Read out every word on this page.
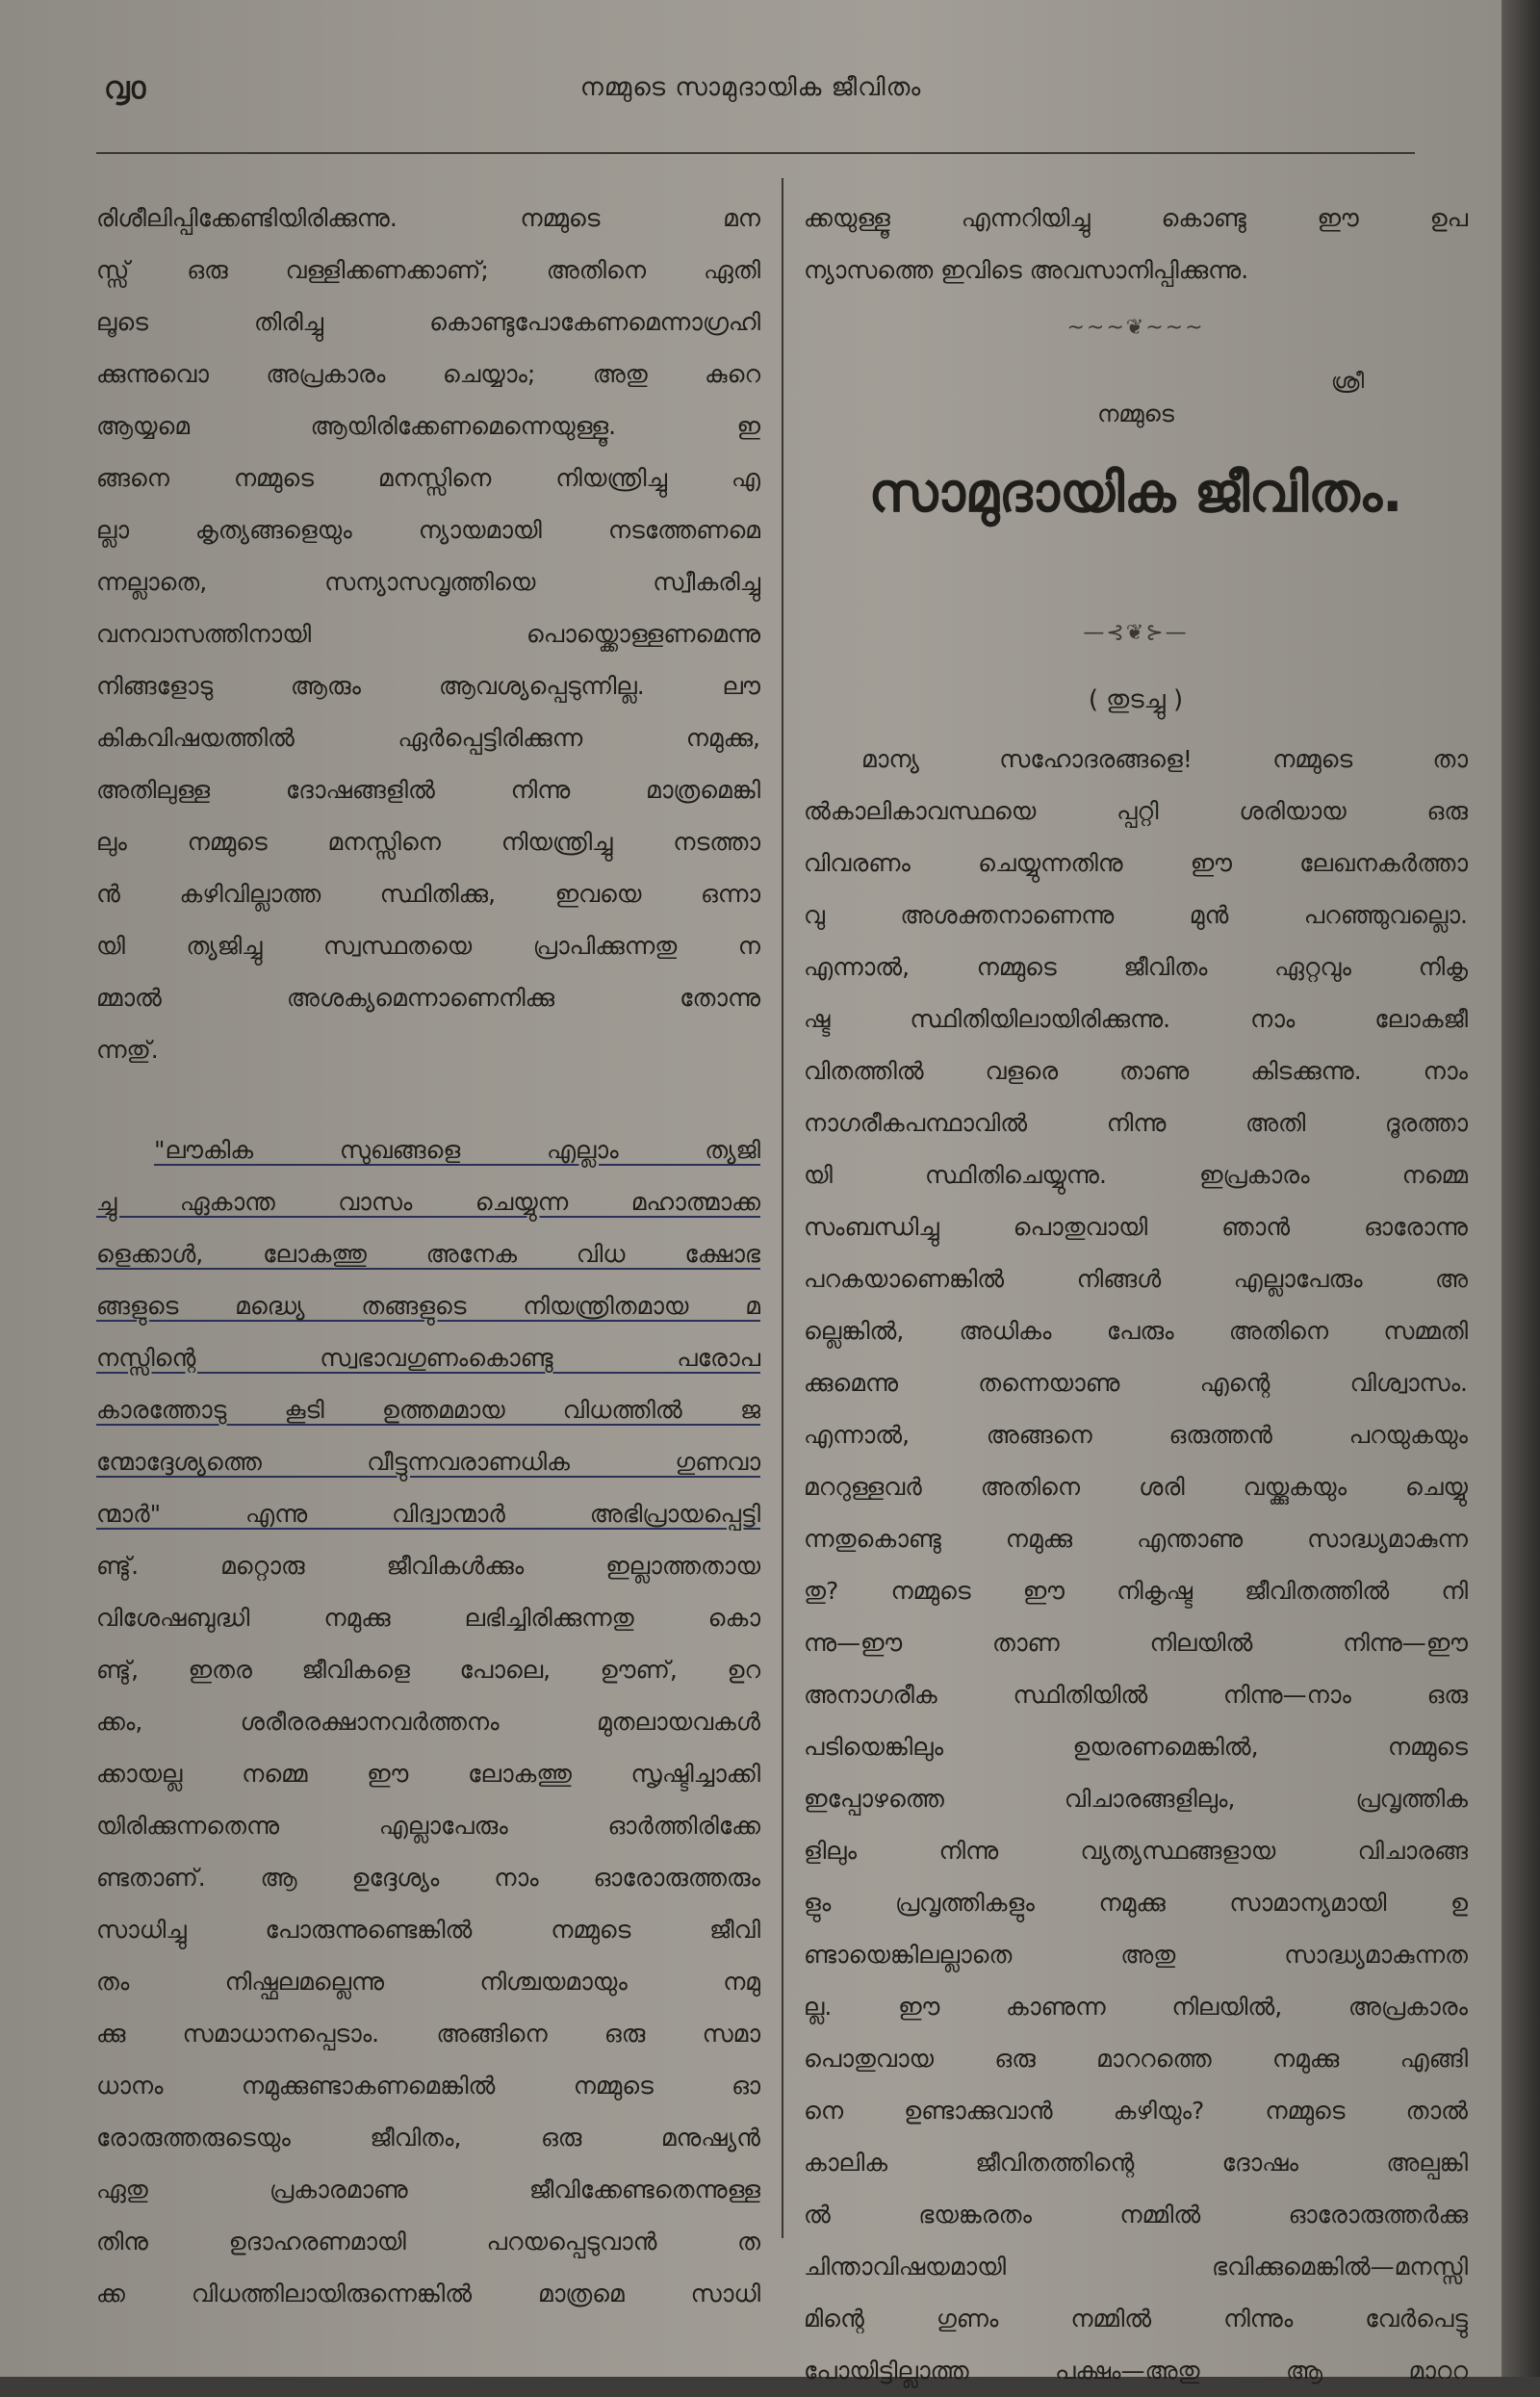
൮൦	നമ്മുടെ സാമുദായിക ജീവിതം
രിശീലിപ്പിക്കേണ്ടിയിരിക്കുന്നു. നമ്മുടെ മന
സ്സ് ഒരു വള്ളിക്കണക്കാണ്; അതിനെ ഏതി
ലൂടെ തിരിച്ചു കൊണ്ടുപോകേണമെന്നാഗ്രഹി
ക്കുന്നുവൊ അപ്രകാരം ചെയ്യാം; അതു കുറെ
ആയ്യമെ ആയിരിക്കേണമെന്നെയുള്ളൂ. ഇ
ങ്ങനെ നമ്മുടെ മനസ്സിനെ നിയന്ത്രിച്ചു എ
ല്ലാ കൃത്യങ്ങളെയും ന്യായമായി നടത്തേണമെ
ന്നല്ലാതെ, സന്യാസവൃത്തിയെ സ്വീകരിച്ചു
വനവാസത്തിനായി പൊയ്ക്കൊള്ളണമെന്നു
നിങ്ങളോടു ആരും ആവശ്യപ്പെടുന്നില്ല. ലൗ
കികവിഷയത്തിൽ ഏർപ്പെട്ടിരിക്കുന്ന നമുക്കു,
അതിലുള്ള ദോഷങ്ങളിൽ നിന്നു മാത്രമെങ്കി
ലും നമ്മുടെ മനസ്സിനെ നിയന്ത്രിച്ചു നടത്താ
ൻ കഴിവില്ലാത്ത സ്ഥിതിക്കു, ഇവയെ ഒന്നാ
യി ത്യജിച്ചു സ്വസ്ഥതയെ പ്രാപിക്കുന്നതു ന
മ്മാൽ അശക്യമെന്നാണെനിക്കു തോന്നു
ന്നതു്.
"ലൗകിക സുഖങ്ങളെ എല്ലാം ത്യജി
ച്ചു ഏകാന്ത വാസം ചെയ്യുന്ന മഹാത്മാക്ക
ളെക്കാൾ, ലോകത്തു അനേക വിധ ക്ഷോഭ
ങ്ങളുടെ മദ്ധ്യെ തങ്ങളുടെ നിയന്ത്രിതമായ മ
നസ്സിന്റെ സ്വഭാവഗുണംകൊണ്ടു പരോപ
കാരത്തോടു കൂടി ഉത്തമമായ വിധത്തിൽ ജ
ന്മോദ്ദേശ്യത്തെ വീട്ടുന്നവരാണധിക ഗുണവാ
ന്മാർ" എന്നു വിദ്വാന്മാർ അഭിപ്രായപ്പെട്ടി
ണ്ടു്. മറ്റൊരു ജീവികൾക്കും ഇല്ലാത്തതായ
വിശേഷബുദ്ധി നമുക്കു ലഭിച്ചിരിക്കുന്നതു കൊ
ണ്ടു്, ഇതര ജീവികളെ പോലെ, ഊണ്, ഉറ
ക്കം, ശരീരരക്ഷാനവർത്തനം മുതലായവകൾ
ക്കായല്ല നമ്മെ ഈ ലോകത്തു സൃഷ്ടിച്ചാക്കി
യിരിക്കുന്നതെന്നു എല്ലാപേരും ഓർത്തിരിക്കേ
ണ്ടതാണ്. ആ ഉദ്ദേശ്യം നാം ഓരോരുത്തരും
സാധിച്ചു പോരുന്നുണ്ടെങ്കിൽ നമ്മുടെ ജീവി
തം നിഷ്ഫലമല്ലെന്നു നിശ്ചയമായും നമു
ക്കു സമാധാനപ്പെടാം. അങ്ങിനെ ഒരു സമാ
ധാനം നമുക്കുണ്ടാകണമെങ്കിൽ നമ്മുടെ ഓ
രോരുത്തരുടെയും ജീവിതം, ഒരു മനുഷ്യൻ
ഏതു പ്രകാരമാണു ജീവിക്കേണ്ടതെന്നുള്ള
തിനു ഉദാഹരണമായി പറയപ്പെടുവാൻ ത
ക്ക വിധത്തിലായിരുന്നെങ്കിൽ മാത്രമെ സാധി
ക്കയുള്ളൂ എന്നറിയിച്ചു കൊണ്ടു ഈ ഉപ
ന്യാസത്തെ ഇവിടെ അവസാനിപ്പിക്കുന്നു.
~~~❦~~~
നമ്മുടെ
ശ്രീ
സാമുദായിക ജീവിതം.
—⊰❦⊱—
( തുടച്ചു )
മാന്യ സഹോദരങ്ങളെ! നമ്മുടെ താ
ൽകാലികാവസ്ഥയെ പ്പറ്റി ശരിയായ ഒരു
വിവരണം ചെയ്യുന്നതിനു ഈ ലേഖനകർത്താ
വു അശക്തനാണെന്നു മുൻ പറഞ്ഞുവല്ലൊ.
എന്നാൽ, നമ്മുടെ ജീവിതം ഏറ്റവും നികൃ
ഷ്ട സ്ഥിതിയിലായിരിക്കുന്നു. നാം ലോകജീ
വിതത്തിൽ വളരെ താണു കിടക്കുന്നു. നാം
നാഗരീകപന്ഥാവിൽ നിന്നു അതി ദൂരത്താ
യി സ്ഥിതിചെയ്യുന്നു. ഇപ്രകാരം നമ്മെ
സംബന്ധിച്ചു പൊതുവായി ഞാൻ ഓരോന്നു
പറകയാണെങ്കിൽ നിങ്ങൾ എല്ലാപേരും അ
ല്ലെങ്കിൽ, അധികം പേരും അതിനെ സമ്മതി
ക്കുമെന്നു തന്നെയാണു എന്റെ വിശ്വാസം.
എന്നാൽ, അങ്ങനെ ഒരുത്തൻ പറയുകയും
മററുള്ളവർ അതിനെ ശരി വയ്ക്കുകയും ചെയ്യു
ന്നതുകൊണ്ടു നമുക്കു എന്താണു സാദ്ധ്യമാകുന്ന
തു? നമ്മുടെ ഈ നികൃഷ്ട ജീവിതത്തിൽ നി
ന്നു—ഈ താണ നിലയിൽ നിന്നു—ഈ
അനാഗരീക സ്ഥിതിയിൽ നിന്നു—നാം ഒരു
പടിയെങ്കിലും ഉയരണമെങ്കിൽ, നമ്മുടെ
ഇപ്പോഴത്തെ വിചാരങ്ങളിലും, പ്രവൃത്തിക
ളിലും നിന്നു വ്യത്യസ്ഥങ്ങളായ വിചാരങ്ങ
ളും പ്രവൃത്തികളും നമുക്കു സാമാന്യമായി ഉ
ണ്ടായെങ്കിലല്ലാതെ അതു സാദ്ധ്യമാകുന്നത
ല്ല. ഈ കാണുന്ന നിലയിൽ, അപ്രകാരം
പൊതുവായ ഒരു മാററത്തെ നമുക്കു എങ്ങി
നെ ഉണ്ടാക്കുവാൻ കഴിയും? നമ്മുടെ താൽ
കാലിക ജീവിതത്തിന്റെ ദോഷം അല്പങ്കി
ൽ ഭയങ്കരതം നമ്മിൽ ഓരോരുത്തർക്കു
ചിന്താവിഷയമായി ഭവിക്കുമെങ്കിൽ—മനസ്സി
മിന്റെ ഗുണം നമ്മിൽ നിന്നും വേർപെട്ടു
പോയിട്ടില്ലാത്ത പക്ഷം—അതു ആ മാററ
